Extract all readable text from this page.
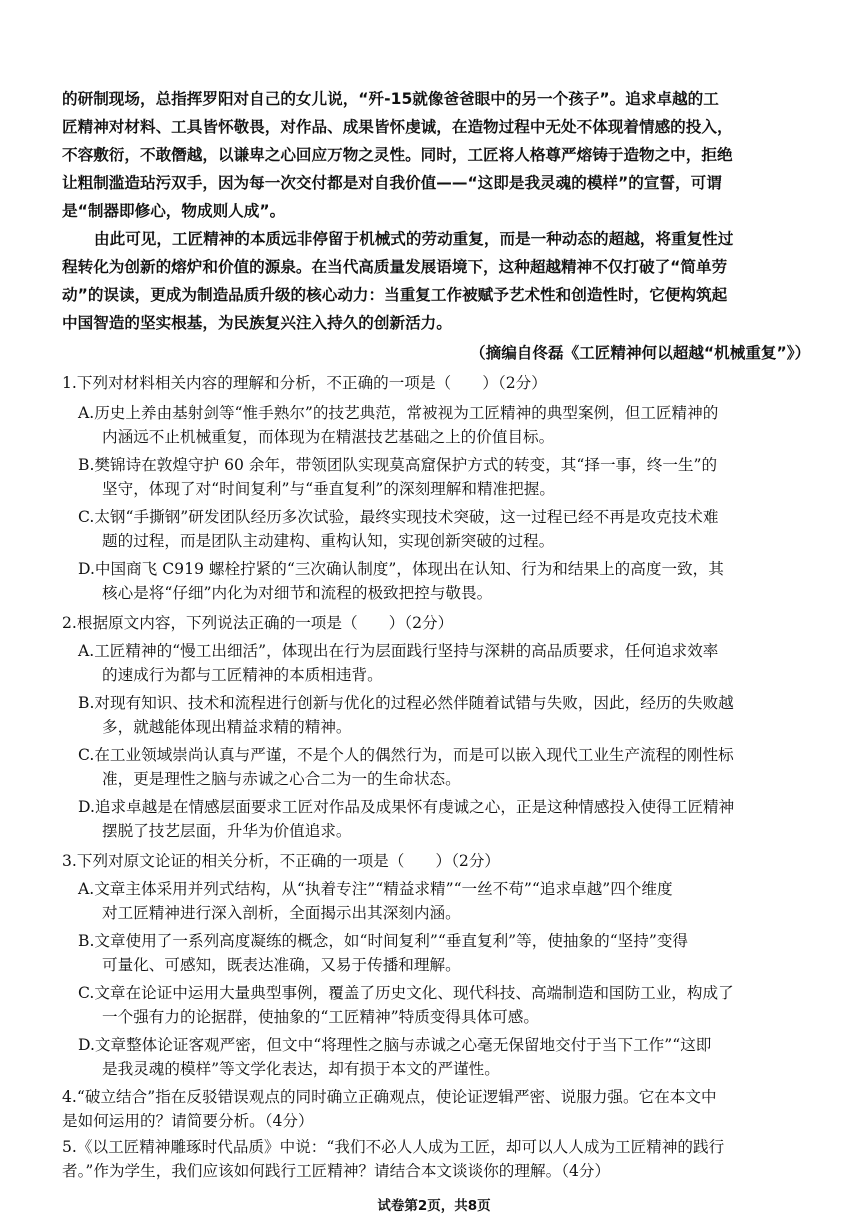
的研制现场，总指挥罗阳对自己的女儿说，“歼-15就像爸爸眼中的另一个孩子”。追求卓越的工
匠精神对材料、工具皆怀敬畏，对作品、成果皆怀虔诚，在造物过程中无处不体现着情感的投入，
不容敷衍，不敢僭越，以谦卑之心回应万物之灵性。同时，工匠将人格尊严熔铸于造物之中，拒绝
让粗制滥造玷污双手，因为每一次交付都是对自我价值——“这即是我灵魂的模样”的宣誓，可谓
是“制器即修心，物成则人成”。
由此可见，工匠精神的本质远非停留于机械式的劳动重复，而是一种动态的超越，将重复性过
程转化为创新的熔炉和价值的源泉。在当代高质量发展语境下，这种超越精神不仅打破了“简单劳
动”的误读，更成为制造品质升级的核心动力：当重复工作被赋予艺术性和创造性时，它便构筑起
中国智造的坚实根基，为民族复兴注入持久的创新活力。
（摘编自佟磊《工匠精神何以超越“机械重复”》）
1.下列对材料相关内容的理解和分析，不正确的一项是（　　）（2分）
A.历史上养由基射剑等“惟手熟尔”的技艺典范，常被视为工匠精神的典型案例，但工匠精神的
内涵远不止机械重复，而体现为在精湛技艺基础之上的价值目标。
B.樊锦诗在敦煌守护 60 余年，带领团队实现莫高窟保护方式的转变，其“择一事，终一生”的
坚守，体现了对“时间复利”与“垂直复利”的深刻理解和精准把握。
C.太钢“手撕钢”研发团队经历多次试验，最终实现技术突破，这一过程已经不再是攻克技术难
题的过程，而是团队主动建构、重构认知，实现创新突破的过程。
D.中国商飞 C919 螺栓拧紧的“三次确认制度”，体现出在认知、行为和结果上的高度一致，其
核心是将“仔细”内化为对细节和流程的极致把控与敬畏。
2.根据原文内容，下列说法正确的一项是（　　）（2分）
A.工匠精神的“慢工出细活”，体现出在行为层面践行坚持与深耕的高品质要求，任何追求效率
的速成行为都与工匠精神的本质相违背。
B.对现有知识、技术和流程进行创新与优化的过程必然伴随着试错与失败，因此，经历的失败越
多，就越能体现出精益求精的精神。
C.在工业领域崇尚认真与严谨，不是个人的偶然行为，而是可以嵌入现代工业生产流程的刚性标
准，更是理性之脑与赤诚之心合二为一的生命状态。
D.追求卓越是在情感层面要求工匠对作品及成果怀有虔诚之心，正是这种情感投入使得工匠精神
摆脱了技艺层面，升华为价值追求。
3.下列对原文论证的相关分析，不正确的一项是（　　）（2分）
A.文章主体采用并列式结构，从“执着专注”“精益求精”“一丝不苟”“追求卓越”四个维度
对工匠精神进行深入剖析，全面揭示出其深刻内涵。
B.文章使用了一系列高度凝练的概念，如“时间复利”“垂直复利”等，使抽象的“坚持”变得
可量化、可感知，既表达准确，又易于传播和理解。
C.文章在论证中运用大量典型事例，覆盖了历史文化、现代科技、高端制造和国防工业，构成了
一个强有力的论据群，使抽象的“工匠精神”特质变得具体可感。
D.文章整体论证客观严密，但文中“将理性之脑与赤诚之心毫无保留地交付于当下工作”“这即
是我灵魂的模样”等文学化表达，却有损于本文的严谨性。
4.“破立结合”指在反驳错误观点的同时确立正确观点，使论证逻辑严密、说服力强。它在本文中
是如何运用的？请简要分析。（4分）
5.《以工匠精神雕琢时代品质》中说：“我们不必人人成为工匠，却可以人人成为工匠精神的践行
者。”作为学生，我们应该如何践行工匠精神？请结合本文谈谈你的理解。（4分）
试卷第2页，共8页
